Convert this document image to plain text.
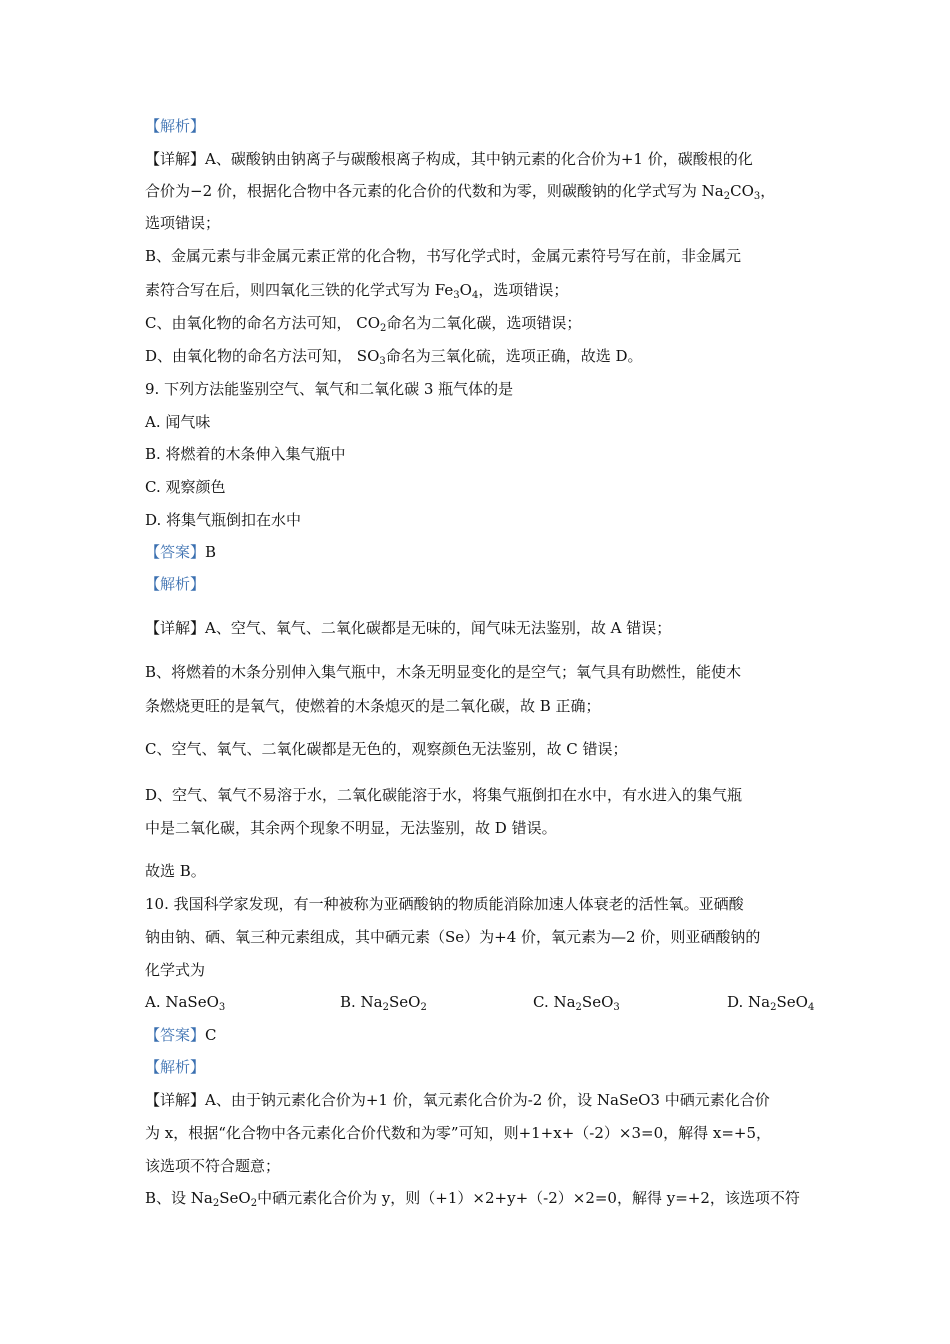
【解析】
【详解】A、碳酸钠由钠离子与碳酸根离子构成，其中钠元素的化合价为+1 价，碳酸根的化
合价为−2 价，根据化合物中各元素的化合价的代数和为零，则碳酸钠的化学式写为 $Na_2CO_3$，
选项错误；
B、金属元素与非金属元素正常的化合物，书写化学式时，金属元素符号写在前，非金属元
素符合写在后，则四氧化三铁的化学式写为 $Fe_3O_4$，选项错误；
C、由氧化物的命名方法可知， $CO_2$命名为二氧化碳，选项错误；
D、由氧化物的命名方法可知， $SO_3$命名为三氧化硫，选项正确，故选 D。
9. 下列方法能鉴别空气、氧气和二氧化碳 3 瓶气体的是
A. 闻气味
B. 将燃着的木条伸入集气瓶中
C. 观察颜色
D. 将集气瓶倒扣在水中
【答案】B
【解析】
【详解】A、空气、氧气、二氧化碳都是无味的，闻气味无法鉴别，故 A 错误；
B、将燃着的木条分别伸入集气瓶中，木条无明显变化的是空气；氧气具有助燃性，能使木
条燃烧更旺的是氧气，使燃着的木条熄灭的是二氧化碳，故 B 正确；
C、空气、氧气、二氧化碳都是无色的，观察颜色无法鉴别，故 C 错误；
D、空气、氧气不易溶于水，二氧化碳能溶于水，将集气瓶倒扣在水中，有水进入的集气瓶
中是二氧化碳，其余两个现象不明显，无法鉴别，故 D 错误。
故选 B。
10. 我国科学家发现，有一种被称为亚硒酸钠的物质能消除加速人体衰老的活性氧。亚硒酸
钠由钠、硒、氧三种元素组成，其中硒元素（Se）为+4 价，氧元素为—2 价，则亚硒酸钠的
化学式为
A. NaSeO$_3$	B. $Na_2SeO_2$	C. $Na_2SeO_3$	D. $Na_2SeO_4$
【答案】C
【解析】
【详解】A、由于钠元素化合价为+1 价，氧元素化合价为-2 价，设 NaSeO3 中硒元素化合价
为 x，根据“化合物中各元素化合价代数和为零”可知，则+1+x+（-2）×3=0，解得 x=+5，
该选项不符合题意；
B、设 $Na_2SeO_2$中硒元素化合价为 y，则（+1）×2+y+（-2）×2=0，解得 y=+2，该选项不符
